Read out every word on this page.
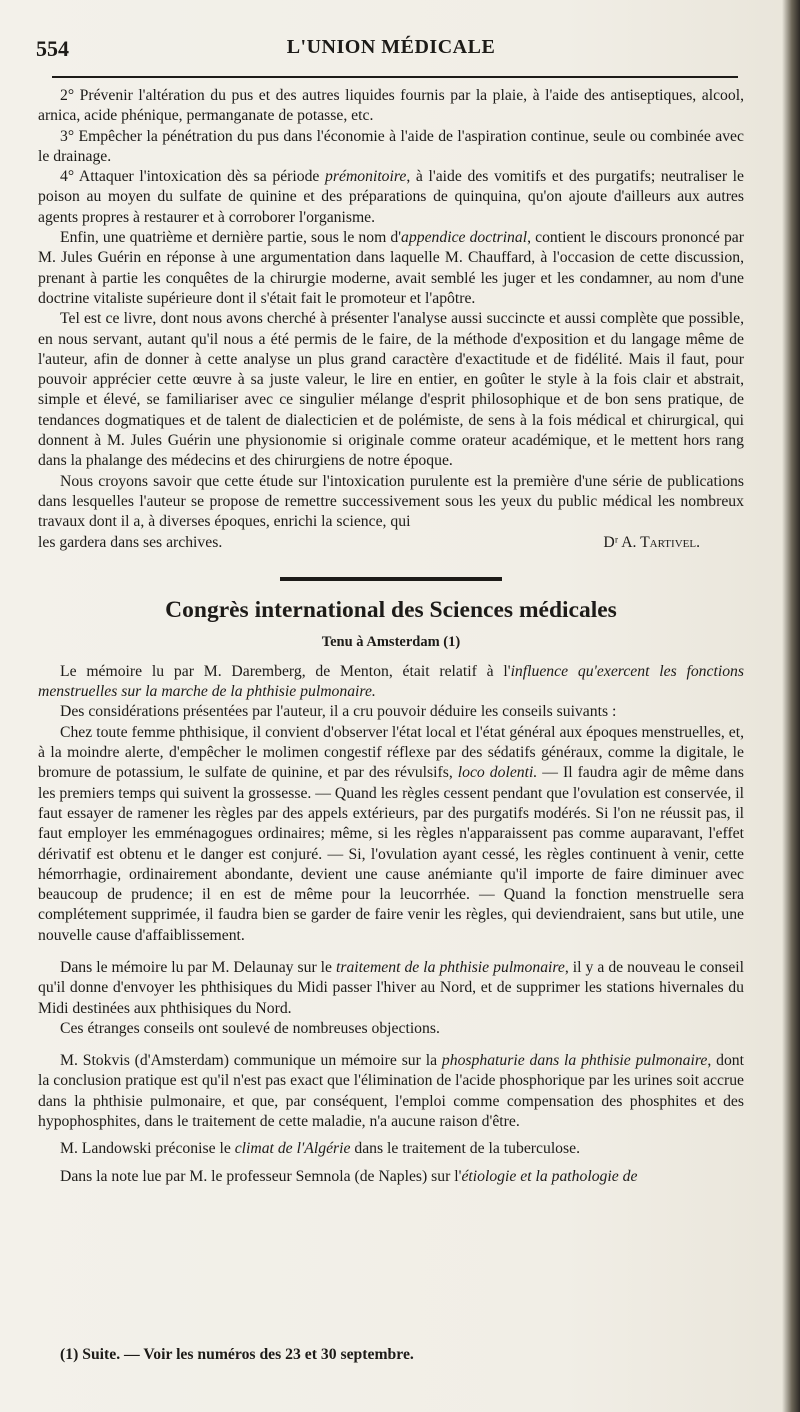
554	L'UNION MÉDICALE

2° Prévenir l'altération du pus et des autres liquides fournis par la plaie, à l'aide des antiseptiques, alcool, arnica, acide phénique, permanganate de potasse, etc.

3° Empêcher la pénétration du pus dans l'économie à l'aide de l'aspiration continue, seule ou combinée avec le drainage.

4° Attaquer l'intoxication dès sa période prémonitoire, à l'aide des vomitifs et des purgatifs; neutraliser le poison au moyen du sulfate de quinine et des préparations de quinquina, qu'on ajoute d'ailleurs aux autres agents propres à restaurer et à corroborer l'organisme.

Enfin, une quatrième et dernière partie, sous le nom d'appendice doctrinal, contient le discours prononcé par M. Jules Guérin en réponse à une argumentation dans laquelle M. Chauffard, à l'occasion de cette discussion, prenant à partie les conquêtes de la chirurgie moderne, avait semblé les juger et les condamner, au nom d'une doctrine vitaliste supérieure dont il s'était fait le promoteur et l'apôtre.

Tel est ce livre, dont nous avons cherché à présenter l'analyse aussi succincte et aussi complète que possible, en nous servant, autant qu'il nous a été permis de le faire, de la méthode d'exposition et du langage même de l'auteur, afin de donner à cette analyse un plus grand caractère d'exactitude et de fidélité. Mais il faut, pour pouvoir apprécier cette œuvre à sa juste valeur, le lire en entier, en goûter le style à la fois clair et abstrait, simple et élevé, se familiariser avec ce singulier mélange d'esprit philosophique et de bon sens pratique, de tendances dogmatiques et de talent de dialecticien et de polémiste, de sens à la fois médical et chirurgical, qui donnent à M. Jules Guérin une physionomie si originale comme orateur académique, et le mettent hors rang dans la phalange des médecins et des chirurgiens de notre époque.

Nous croyons savoir que cette étude sur l'intoxication purulente est la première d'une série de publications dans lesquelles l'auteur se propose de remettre successivement sous les yeux du public médical les nombreux travaux dont il a, à diverses époques, enrichi la science, qui

les gardera dans ses archives.	Dʳ A. Tartivel.

Congrès international des Sciences médicales
Tenu à Amsterdam (1)

Le mémoire lu par M. Daremberg, de Menton, était relatif à l'influence qu'exercent les fonctions menstruelles sur la marche de la phthisie pulmonaire.

Des considérations présentées par l'auteur, il a cru pouvoir déduire les conseils suivants :

Chez toute femme phthisique, il convient d'observer l'état local et l'état général aux époques menstruelles, et, à la moindre alerte, d'empêcher le molimen congestif réflexe par des sédatifs généraux, comme la digitale, le bromure de potassium, le sulfate de quinine, et par des révulsifs, loco dolenti. — Il faudra agir de même dans les premiers temps qui suivent la grossesse. — Quand les règles cessent pendant que l'ovulation est conservée, il faut essayer de ramener les règles par des appels extérieurs, par des purgatifs modérés. Si l'on ne réussit pas, il faut employer les emménagogues ordinaires; même, si les règles n'apparaissent pas comme auparavant, l'effet dérivatif est obtenu et le danger est conjuré. — Si, l'ovulation ayant cessé, les règles continuent à venir, cette hémorrhagie, ordinairement abondante, devient une cause anémiante qu'il importe de faire diminuer avec beaucoup de prudence; il en est de même pour la leucorrhée. — Quand la fonction menstruelle sera complétement supprimée, il faudra bien se garder de faire venir les règles, qui deviendraient, sans but utile, une nouvelle cause d'affaiblissement.

Dans le mémoire lu par M. Delaunay sur le traitement de la phthisie pulmonaire, il y a de nouveau le conseil qu'il donne d'envoyer les phthisiques du Midi passer l'hiver au Nord, et de supprimer les stations hivernales du Midi destinées aux phthisiques du Nord.

Ces étranges conseils ont soulevé de nombreuses objections.

M. Stokvis (d'Amsterdam) communique un mémoire sur la phosphaturie dans la phthisie pulmonaire, dont la conclusion pratique est qu'il n'est pas exact que l'élimination de l'acide phosphorique par les urines soit accrue dans la phthisie pulmonaire, et que, par conséquent, l'emploi comme compensation des phosphites et des hypophosphites, dans le traitement de cette maladie, n'a aucune raison d'être.

M. Landowski préconise le climat de l'Algérie dans le traitement de la tuberculose.

Dans la note lue par M. le professeur Semnola (de Naples) sur l'étiologie et la pathologie de

(1) Suite. — Voir les numéros des 23 et 30 septembre.
